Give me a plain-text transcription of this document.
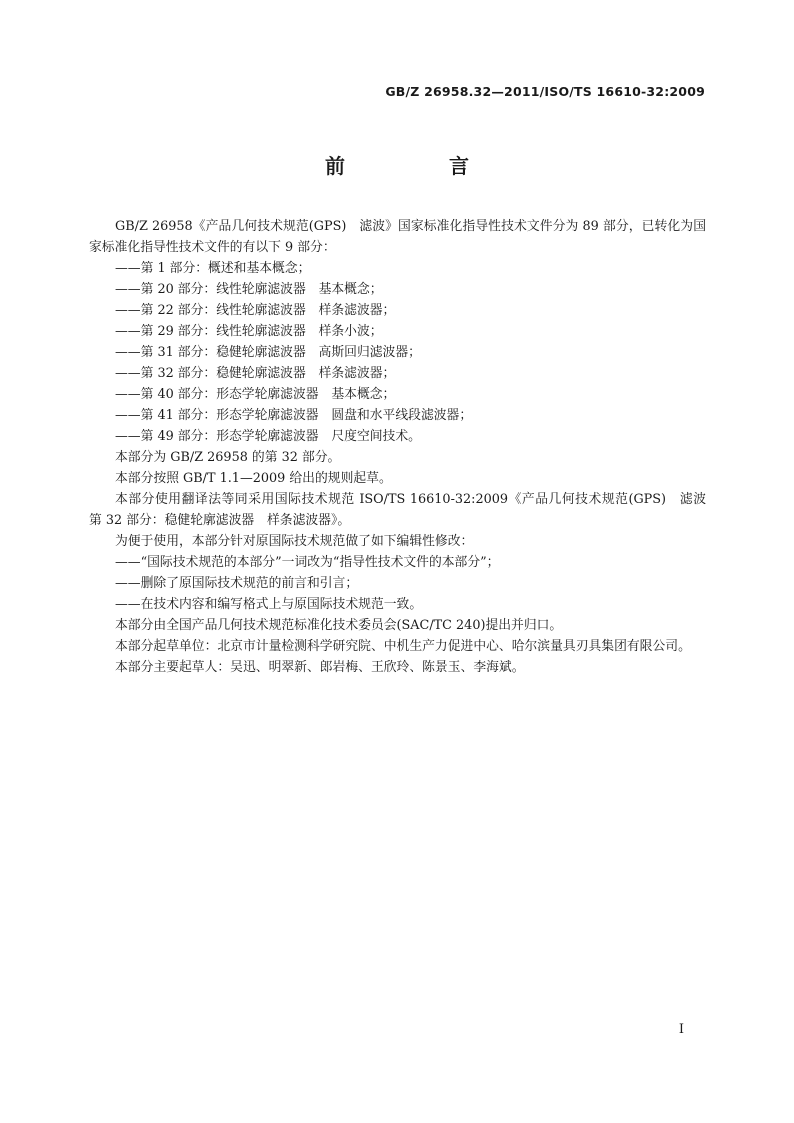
GB/Z 26958.32—2011/ISO/TS 16610-32:2009
前　言

GB/Z 26958《产品几何技术规范(GPS)　滤波》国家标准化指导性技术文件分为 89 部分，已转化为国家标准化指导性技术文件的有以下 9 部分：

——第 1 部分：概述和基本概念；

——第 20 部分：线性轮廓滤波器　基本概念；

——第 22 部分：线性轮廓滤波器　样条滤波器；

——第 29 部分：线性轮廓滤波器　样条小波；

——第 31 部分：稳健轮廓滤波器　高斯回归滤波器；

——第 32 部分：稳健轮廓滤波器　样条滤波器；

——第 40 部分：形态学轮廓滤波器　基本概念；

——第 41 部分：形态学轮廓滤波器　圆盘和水平线段滤波器；

——第 49 部分：形态学轮廓滤波器　尺度空间技术。

本部分为 GB/Z 26958 的第 32 部分。

本部分按照 GB/T 1.1—2009 给出的规则起草。

本部分使用翻译法等同采用国际技术规范 ISO/TS 16610-32:2009《产品几何技术规范(GPS)　滤波　第 32 部分：稳健轮廓滤波器　样条滤波器》。

为便于使用，本部分针对原国际技术规范做了如下编辑性修改：

——“国际技术规范的本部分”一词改为“指导性技术文件的本部分”；

——删除了原国际技术规范的前言和引言；

——在技术内容和编写格式上与原国际技术规范一致。

本部分由全国产品几何技术规范标准化技术委员会(SAC/TC 240)提出并归口。

本部分起草单位：北京市计量检测科学研究院、中机生产力促进中心、哈尔滨量具刃具集团有限公司。

本部分主要起草人：吴迅、明翠新、郎岩梅、王欣玲、陈景玉、李海斌。

I
